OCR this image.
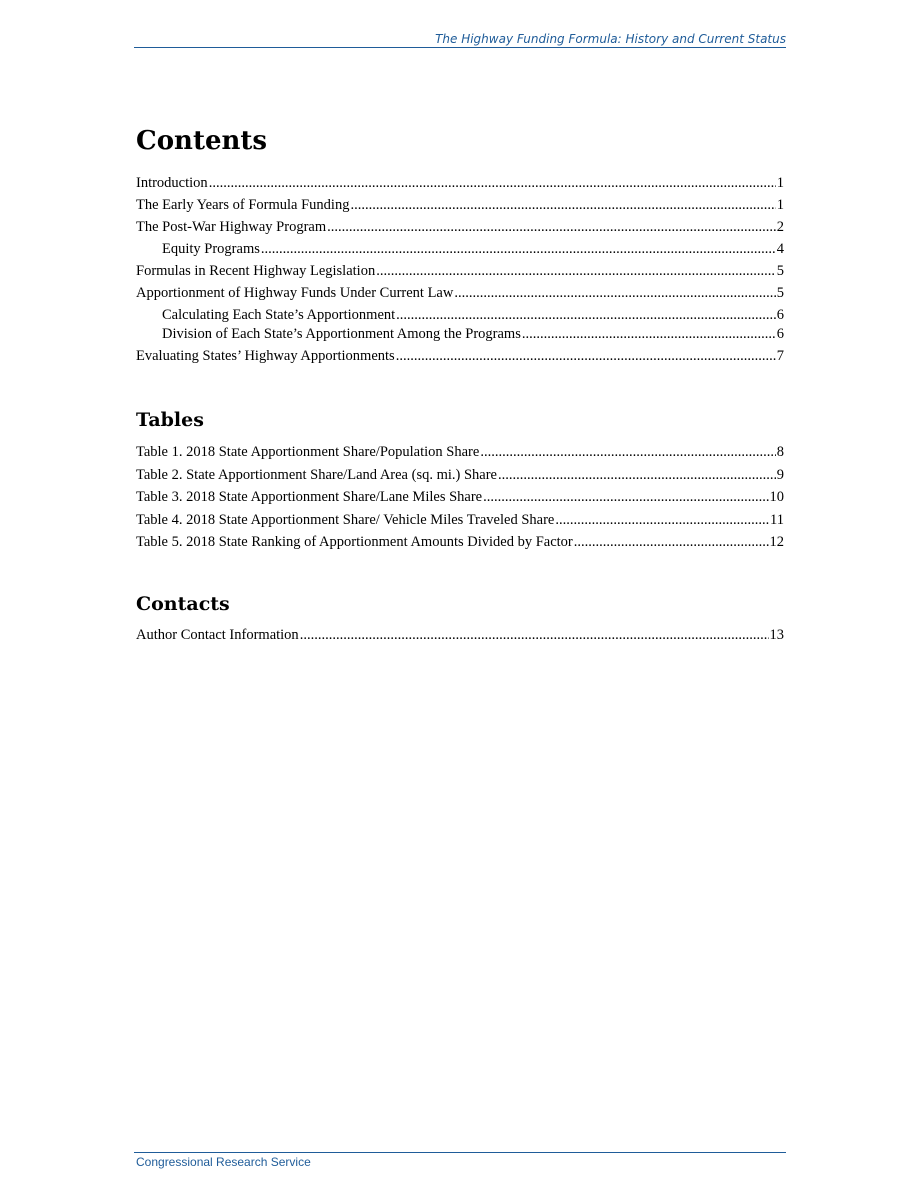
The Highway Funding Formula: History and Current Status
Contents
Introduction .....	1
The Early Years of Formula Funding .....	1
The Post-War Highway Program .....	2
Equity Programs .....	4
Formulas in Recent Highway Legislation .....	5
Apportionment of Highway Funds Under Current Law .....	5
Calculating Each State’s Apportionment .....	6
Division of Each State’s Apportionment Among the Programs .....	6
Evaluating States’ Highway Apportionments .....	7
Tables
Table 1. 2018 State Apportionment Share/Population Share .....	8
Table 2. State Apportionment Share/Land Area (sq. mi.) Share .....	9
Table 3. 2018 State Apportionment Share/Lane Miles Share .....	10
Table 4. 2018 State Apportionment Share/ Vehicle Miles Traveled Share .....	11
Table 5. 2018 State Ranking of Apportionment Amounts Divided by Factor .....	12
Contacts
Author Contact Information .....	13
Congressional Research Service
